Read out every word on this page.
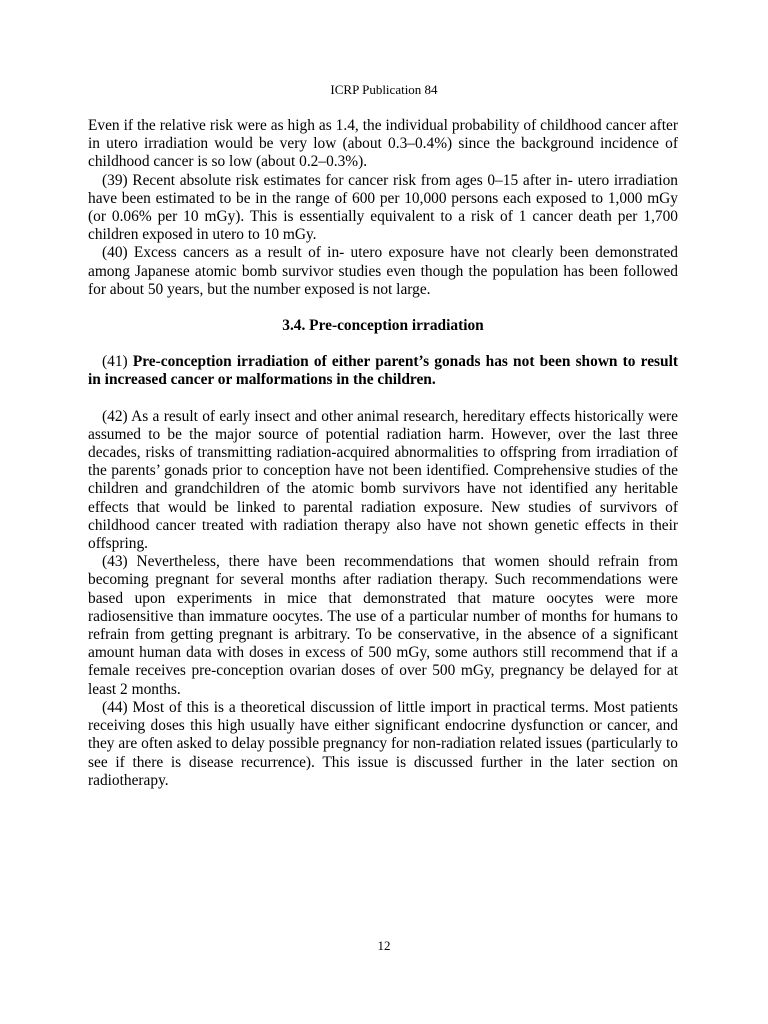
ICRP Publication 84

Even if the relative risk were as high as 1.4, the individual probability of childhood cancer after in utero irradiation would be very low (about 0.3–0.4%) since the background incidence of childhood cancer is so low (about 0.2–0.3%).

(39) Recent absolute risk estimates for cancer risk from ages 0–15 after in- utero irradiation have been estimated to be in the range of 600 per 10,000 persons each exposed to 1,000 mGy (or 0.06% per 10 mGy). This is essentially equivalent to a risk of 1 cancer death per 1,700 children exposed in utero to 10 mGy.

(40) Excess cancers as a result of in- utero exposure have not clearly been demonstrated among Japanese atomic bomb survivor studies even though the population has been followed for about 50 years, but the number exposed is not large.

3.4. Pre-conception irradiation

(41) Pre-conception irradiation of either parent’s gonads has not been shown to result in increased cancer or malformations in the children.

(42) As a result of early insect and other animal research, hereditary effects historically were assumed to be the major source of potential radiation harm. However, over the last three decades, risks of transmitting radiation-acquired abnormalities to offspring from irradiation of the parents’ gonads prior to conception have not been identified. Comprehensive studies of the children and grandchildren of the atomic bomb survivors have not identified any heritable effects that would be linked to parental radiation exposure. New studies of survivors of childhood cancer treated with radiation therapy also have not shown genetic effects in their offspring.

(43) Nevertheless, there have been recommendations that women should refrain from becoming pregnant for several months after radiation therapy. Such recommendations were based upon experiments in mice that demonstrated that mature oocytes were more radiosensitive than immature oocytes. The use of a particular number of months for humans to refrain from getting pregnant is arbitrary. To be conservative, in the absence of a significant amount human data with doses in excess of 500 mGy, some authors still recommend that if a female receives pre-conception ovarian doses of over 500 mGy, pregnancy be delayed for at least 2 months.

(44) Most of this is a theoretical discussion of little import in practical terms. Most patients receiving doses this high usually have either significant endocrine dysfunction or cancer, and they are often asked to delay possible pregnancy for non-radiation related issues (particularly to see if there is disease recurrence). This issue is discussed further in the later section on radiotherapy.

12
